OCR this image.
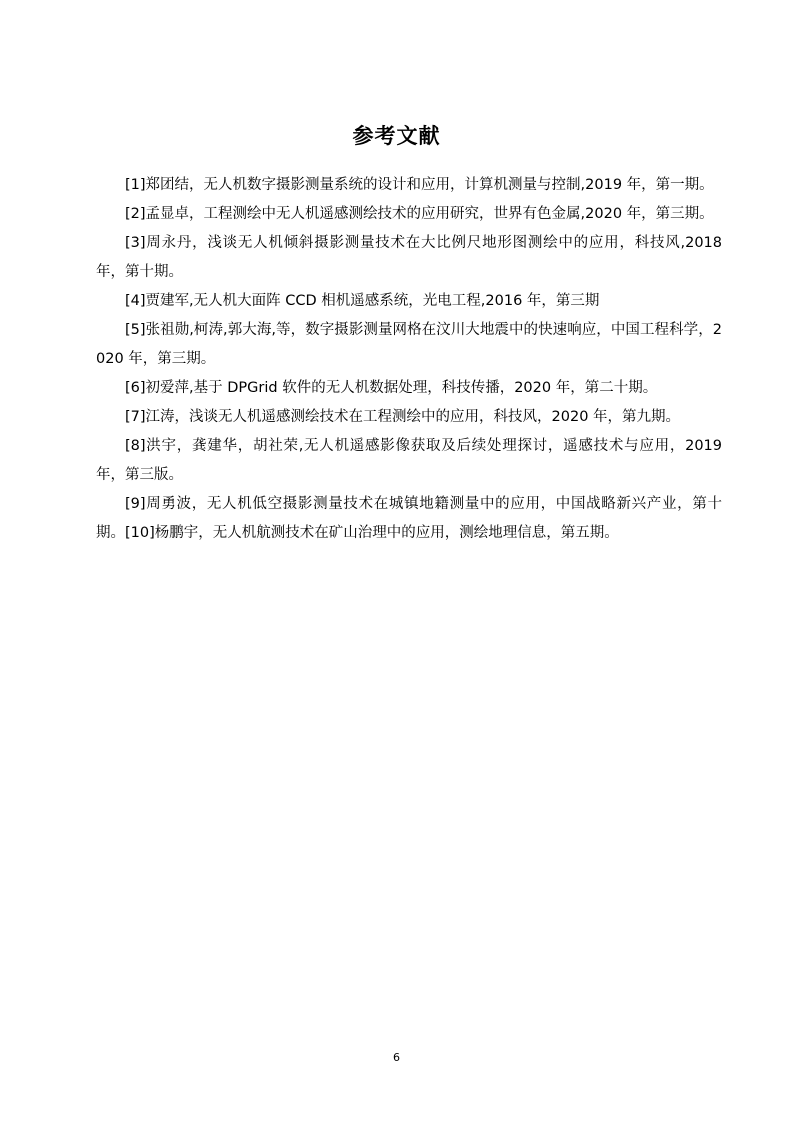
参考文献
[1]郑团结，无人机数字摄影测量系统的设计和应用，计算机测量与控制,2019 年，第一期。
[2]孟显卓，工程测绘中无人机遥感测绘技术的应用研究，世界有色金属,2020 年，第三期。
[3]周永丹，浅谈无人机倾斜摄影测量技术在大比例尺地形图测绘中的应用，科技风,2018 年，第十期。
[4]贾建军,无人机大面阵 CCD 相机遥感系统，光电工程,2016 年，第三期
[5]张祖勋,柯涛,郭大海,等，数字摄影测量网格在汶川大地震中的快速响应，中国工程科学，2020 年，第三期。
[6]初爱萍,基于 DPGrid 软件的无人机数据处理，科技传播，2020 年，第二十期。
[7]江涛，浅谈无人机遥感测绘技术在工程测绘中的应用，科技风，2020 年，第九期。
[8]洪宇，龚建华，胡社荣,无人机遥感影像获取及后续处理探讨，遥感技术与应用，2019 年，第三版。
[9]周勇波，无人机低空摄影测量技术在城镇地籍测量中的应用，中国战略新兴产业，第十期。[10]杨鹏宇，无人机航测技术在矿山治理中的应用，测绘地理信息，第五期。
6
